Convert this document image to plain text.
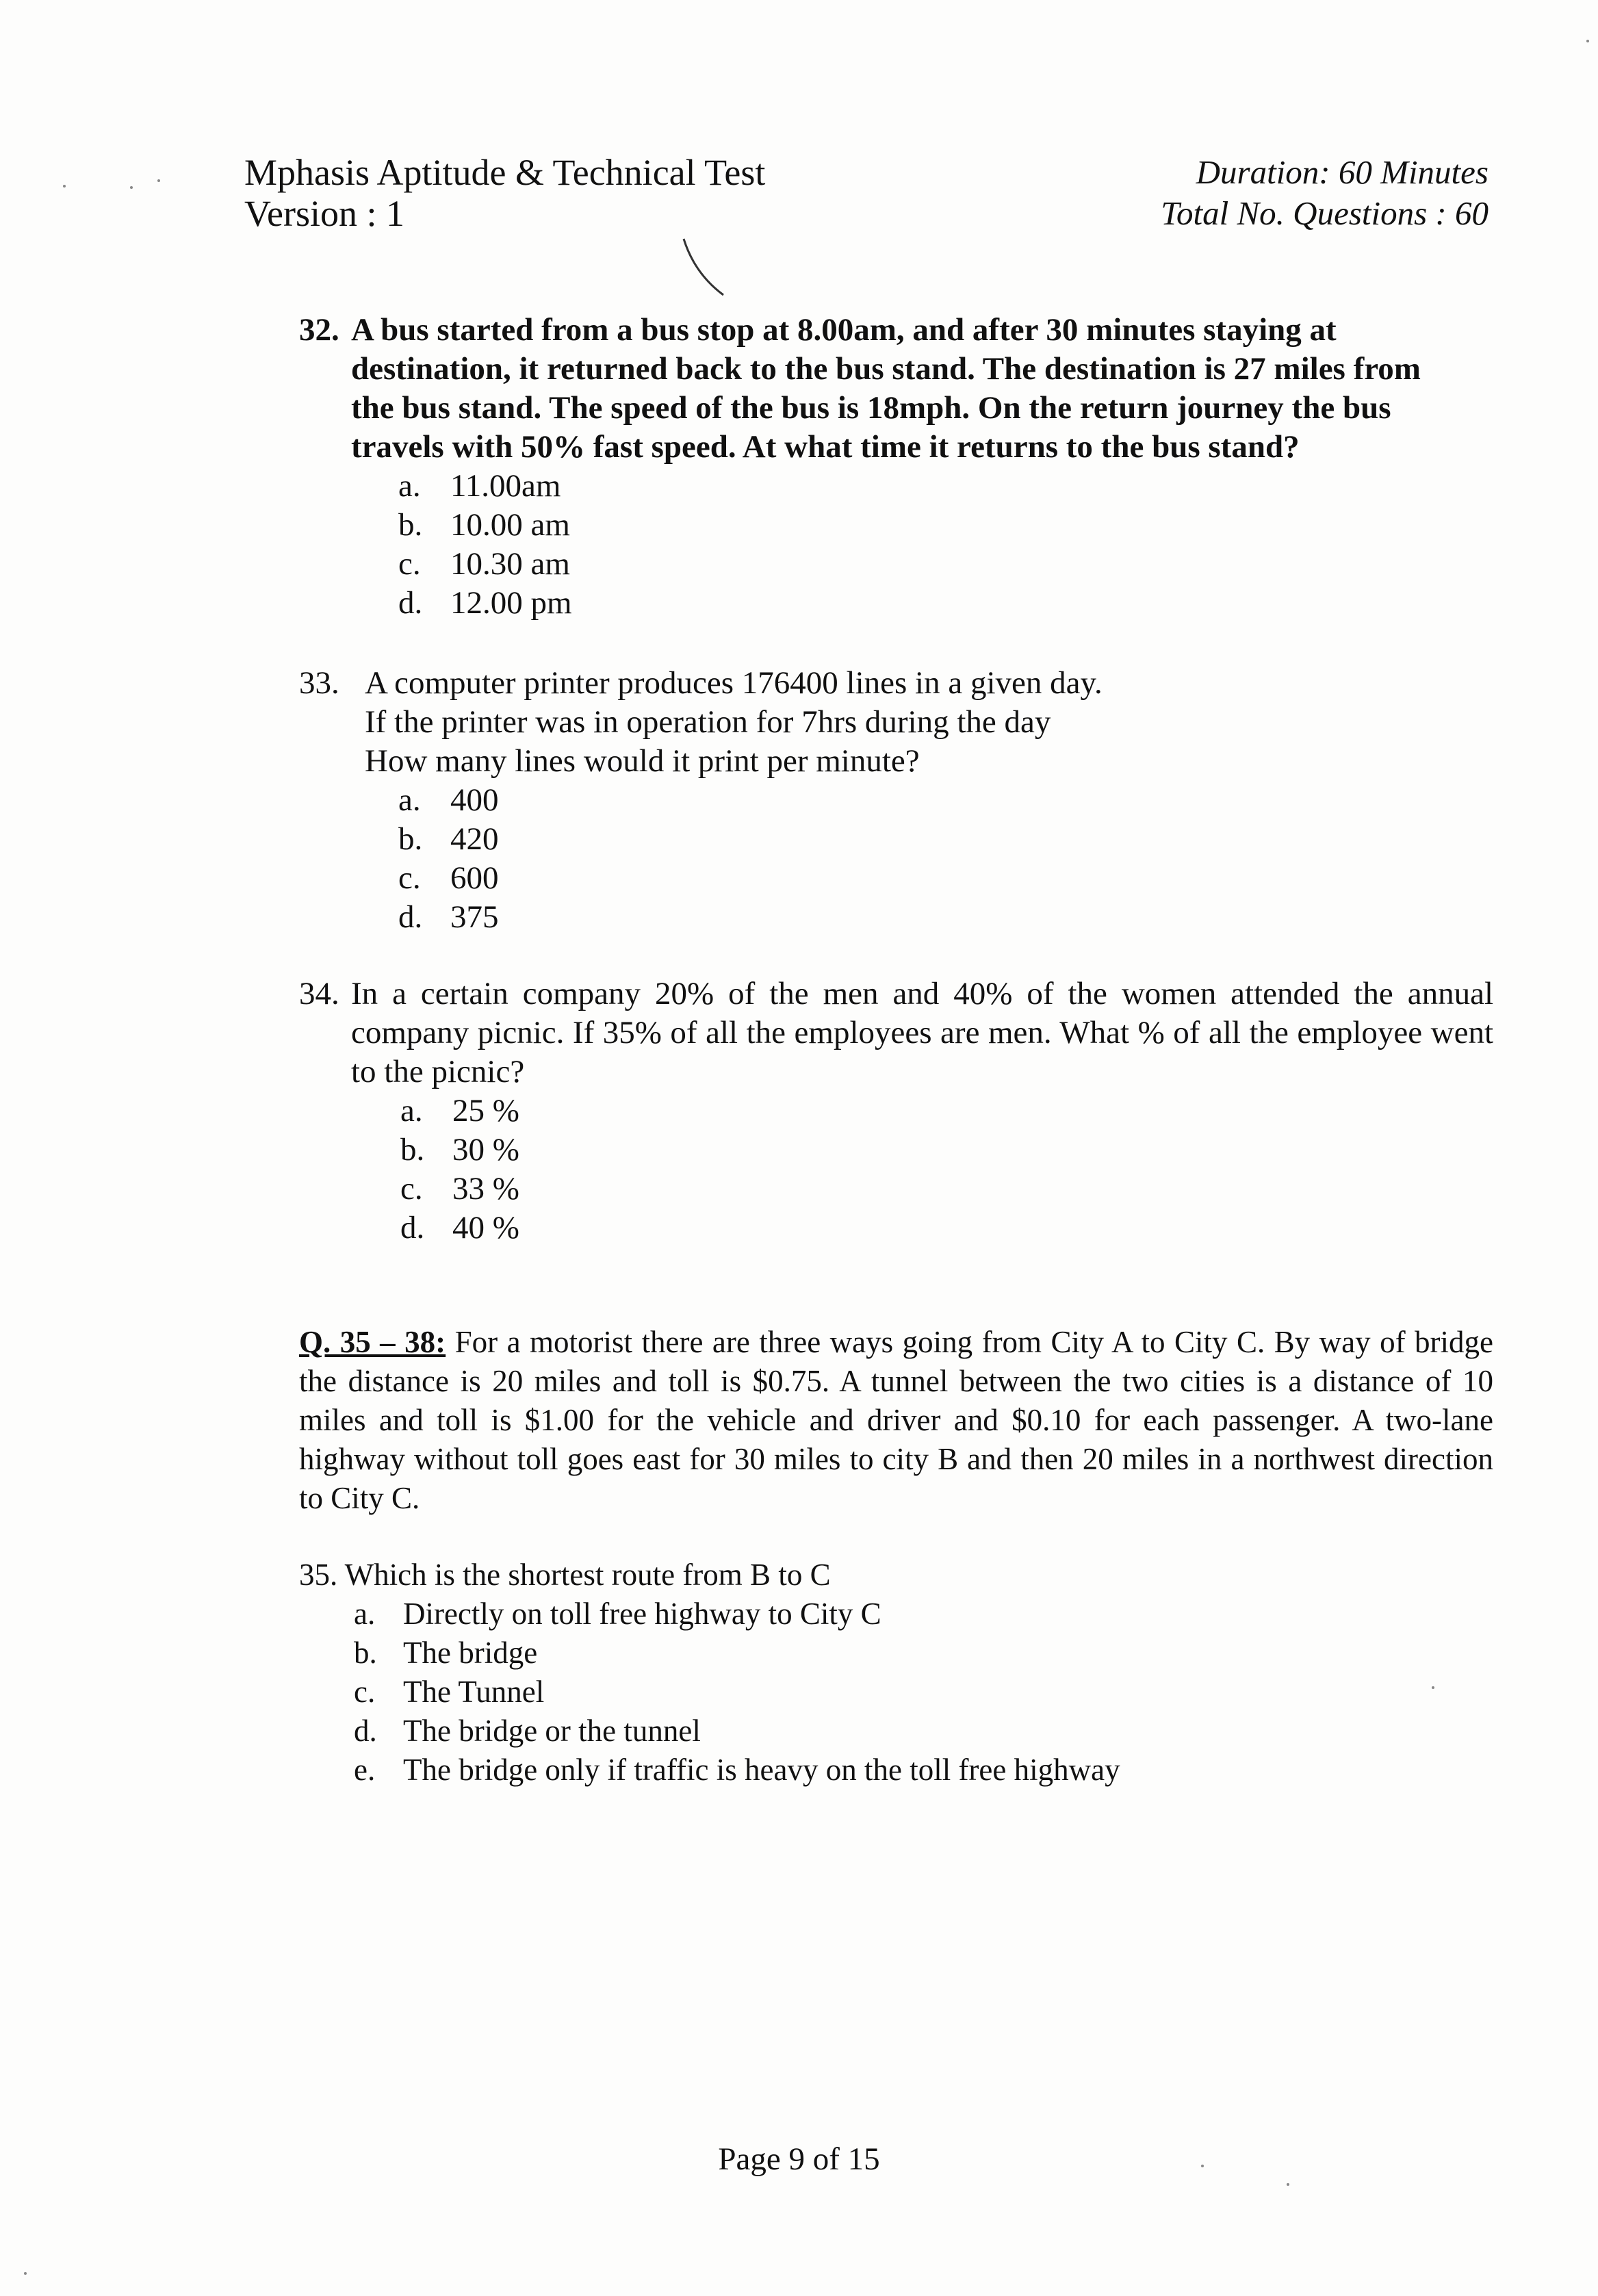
Mphasis Aptitude & Technical Test
Version : 1
Duration: 60 Minutes
Total No. Questions : 60
32. A bus started from a bus stop at 8.00am, and after 30 minutes staying at
destination, it returned back to the bus stand. The destination is 27 miles from
the bus stand. The speed of the bus is 18mph. On the return journey the bus
travels with 50% fast speed. At what time it returns to the bus stand?
a. 11.00am
b. 10.00 am
c. 10.30 am
d. 12.00 pm
33. A computer printer produces 176400 lines in a given day.
If the printer was in operation for 7hrs during the day
How many lines would it print per minute?
a. 400
b. 420
c. 600
d. 375
34. In a certain company 20% of the men and 40% of the women attended the annual company picnic. If 35% of all the employees are men. What % of all the employee went to the picnic?
a. 25 %
b. 30 %
c. 33 %
d. 40 %
Q. 35 – 38: For a motorist there are three ways going from City A to City C. By way of bridge the distance is 20 miles and toll is $0.75. A tunnel between the two cities is a distance of 10 miles and toll is $1.00 for the vehicle and driver and $0.10 for each passenger. A two-lane highway without toll goes east for 30 miles to city B and then 20 miles in a northwest direction to City C.
35. Which is the shortest route from B to C
a. Directly on toll free highway to City C
b. The bridge
c. The Tunnel
d. The bridge or the tunnel
e. The bridge only if traffic is heavy on the toll free highway
Page 9 of 15
